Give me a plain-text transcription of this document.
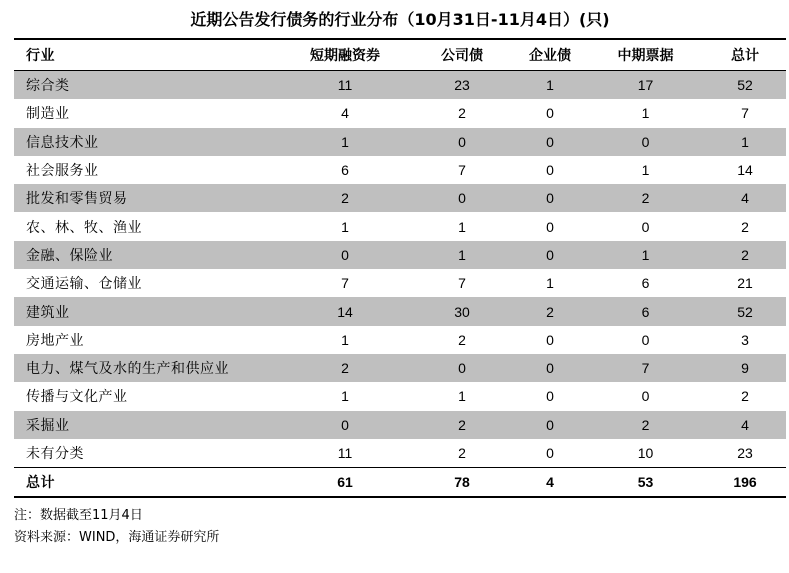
近期公告发行债务的行业分布（10月31日-11月4日）(只)
行业	短期融资券	公司债	企业债	中期票据	总计
综合类	11	23	1	17	52
制造业	4	2	0	1	7
信息技术业	1	0	0	0	1
社会服务业	6	7	0	1	14
批发和零售贸易	2	0	0	2	4
农、林、牧、渔业	1	1	0	0	2
金融、保险业	0	1	0	1	2
交通运输、仓储业	7	7	1	6	21
建筑业	14	30	2	6	52
房地产业	1	2	0	0	3
电力、煤气及水的生产和供应业	2	0	0	7	9
传播与文化产业	1	1	0	0	2
采掘业	0	2	0	2	4
未有分类	11	2	0	10	23
总计	61	78	4	53	196
注：数据截至11月4日
资料来源：WIND，海通证券研究所
